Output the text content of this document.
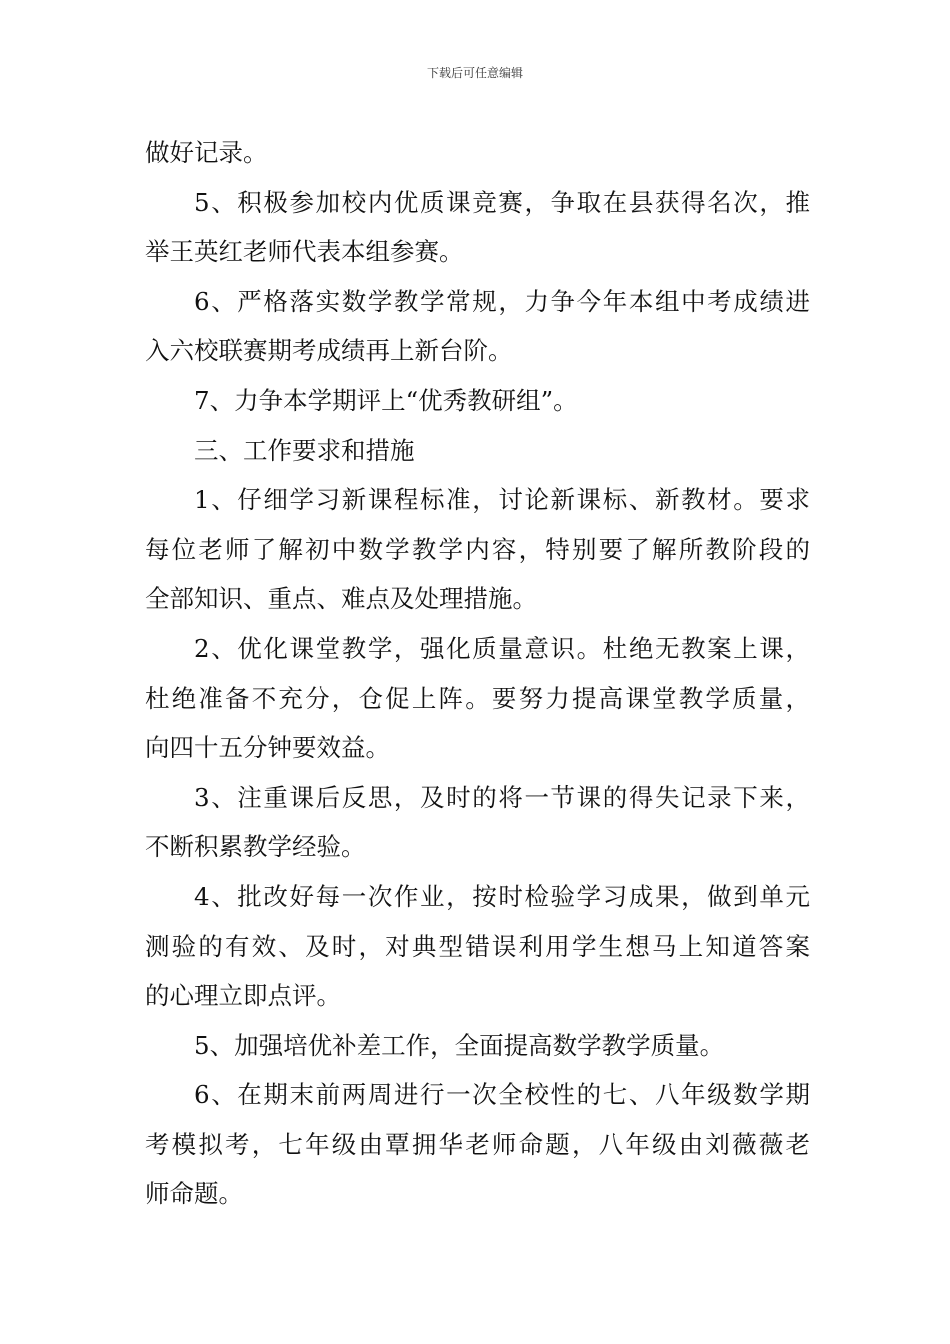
下载后可任意编辑
做好记录。
5、积极参加校内优质课竞赛，争取在县获得名次，推
举王英红老师代表本组参赛。
6、严格落实数学教学常规，力争今年本组中考成绩进
入六校联赛期考成绩再上新台阶。
7、力争本学期评上“优秀教研组”。
三、工作要求和措施
1、仔细学习新课程标准，讨论新课标、新教材。要求
每位老师了解初中数学教学内容，特别要了解所教阶段的
全部知识、重点、难点及处理措施。
2、优化课堂教学，强化质量意识。杜绝无教案上课，
杜绝准备不充分，仓促上阵。要努力提高课堂教学质量，
向四十五分钟要效益。
3、注重课后反思，及时的将一节课的得失记录下来，
不断积累教学经验。
4、批改好每一次作业，按时检验学习成果，做到单元
测验的有效、及时，对典型错误利用学生想马上知道答案
的心理立即点评。
5、加强培优补差工作，全面提高数学教学质量。
6、在期末前两周进行一次全校性的七、八年级数学期
考模拟考，七年级由覃拥华老师命题，八年级由刘薇薇老
师命题。
